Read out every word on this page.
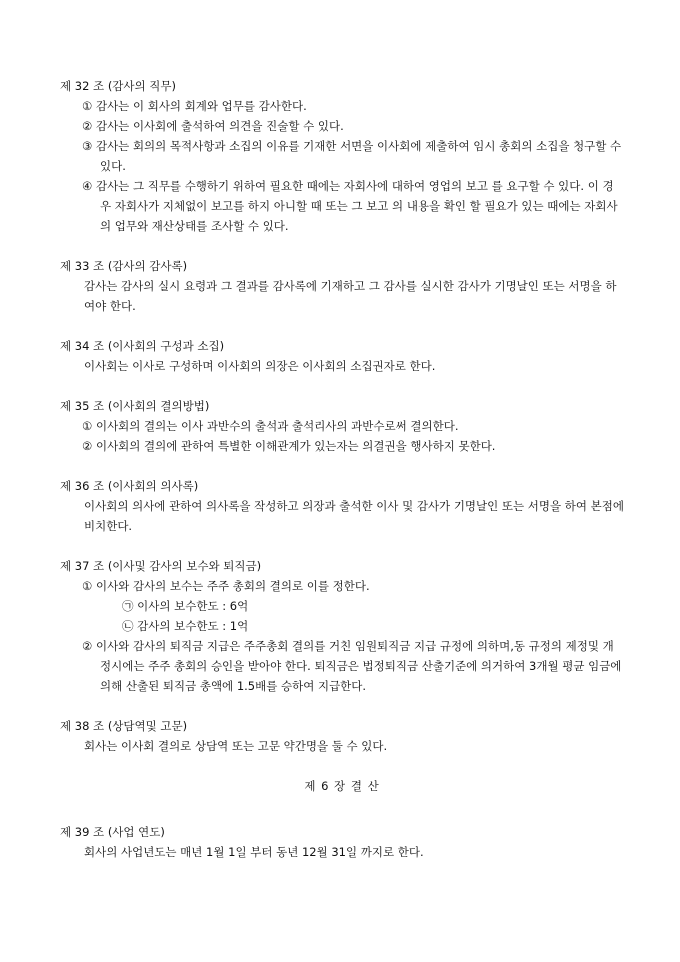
제 32 조 (감사의 직무)
① 감사는 이 회사의 회계와 업무를 감사한다.
② 감사는 이사회에 출석하여 의견을 진술할 수 있다.
③ 감사는 회의의 목적사항과 소집의 이유를 기재한 서면을 이사회에 제출하여 임시 총회의 소집을 청구할 수 있다.
④ 감사는 그 직무를 수행하기 위하여 필요한 때에는 자회사에 대하여 영업의 보고 를 요구할 수 있다. 이 경우 자회사가 지체없이 보고를 하지 아니할 때 또는 그 보고 의 내용을 확인 할 필요가 있는 때에는 자회사의 업무와 재산상태를 조사할 수 있다.
제 33 조 (감사의 감사록)
감사는 감사의 실시 요령과 그 결과를 감사록에 기재하고 그 감사를 실시한 감사가 기명날인 또는 서명을 하여야 한다.
제 34 조 (이사회의 구성과 소집)
이사회는 이사로 구성하며 이사회의 의장은 이사회의 소집권자로 한다.
제 35 조 (이사회의 결의방법)
① 이사회의 결의는 이사 과반수의 출석과 출석리사의 과반수로써 결의한다.
② 이사회의 결의에 관하여 특별한 이해관계가 있는자는 의결권을 행사하지 못한다.
제 36 조 (이사회의 의사록)
이사회의 의사에 관하여 의사록을 작성하고 의장과 출석한 이사 및 감사가 기명날인 또는 서명을 하여 본점에 비치한다.
제 37 조 (이사및 감사의 보수와 퇴직금)
① 이사와 감사의 보수는 주주 총회의 결의로 이를 정한다.
㉠ 이사의 보수한도 : 6억
㉡ 감사의 보수한도 : 1억
② 이사와 감사의 퇴직금 지급은 주주총회 결의를 거친 임원퇴직금 지급 규정에 의하며,동 규정의 제정및 개정시에는 주주 총회의 승인을 받아야 한다. 퇴직금은 법정퇴직금 산출기준에 의거하여 3개월 평균 임금에 의해 산출된 퇴직금 총액에 1.5배를 승하여 지급한다.
제 38 조 (상담역및 고문)
회사는 이사회 결의로 상담역 또는 고문 약간명을 둘 수 있다.
제 6 장 결 산
제 39 조 (사업 연도)
회사의 사업년도는 매년 1월 1일 부터 동년 12월 31일 까지로 한다.
